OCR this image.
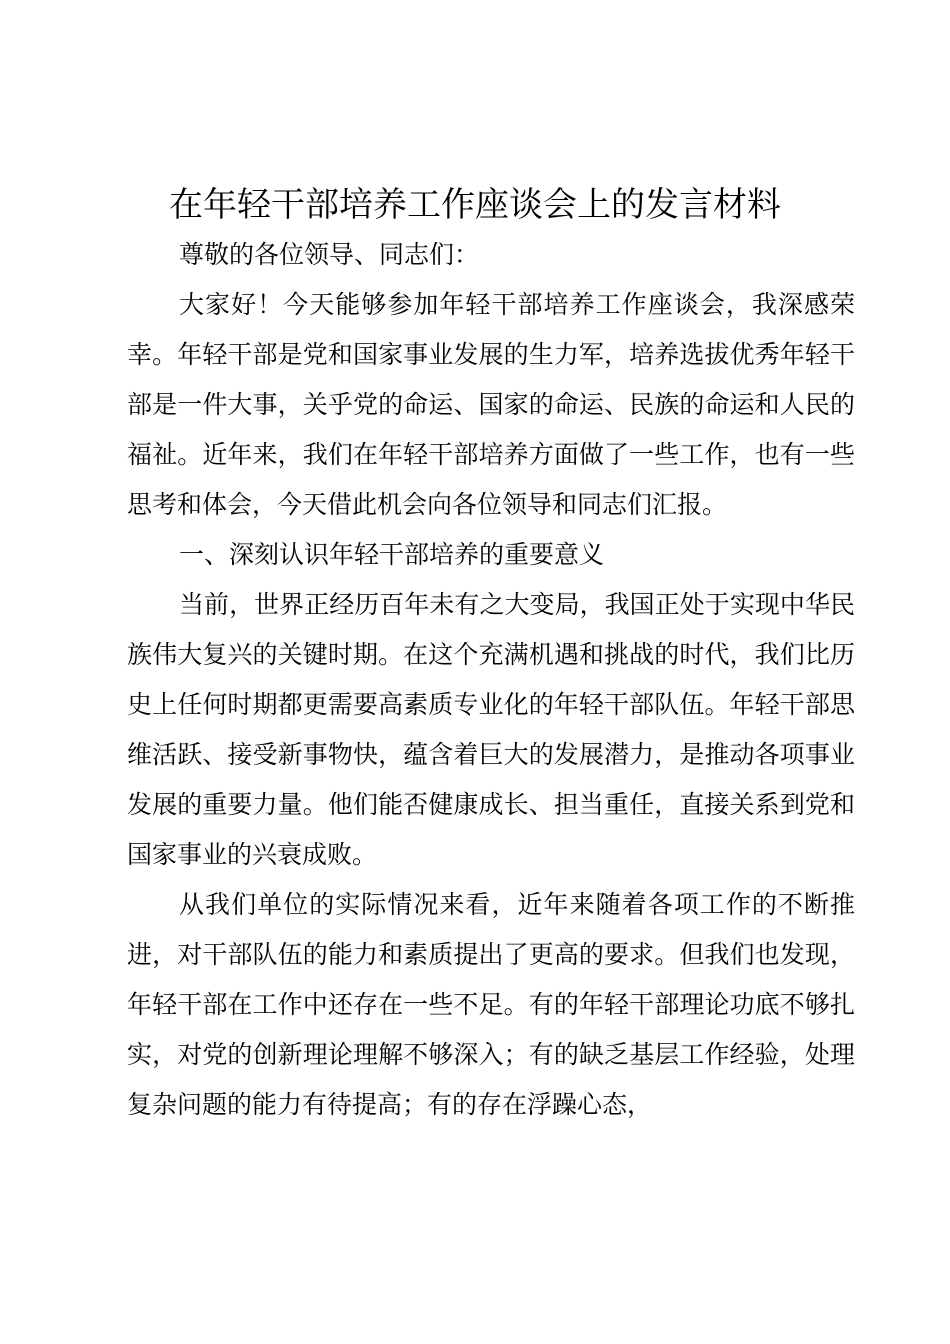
在年轻干部培养工作座谈会上的发言材料

尊敬的各位领导、同志们：

大家好！今天能够参加年轻干部培养工作座谈会，我深感荣幸。年轻干部是党和国家事业发展的生力军，培养选拔优秀年轻干部是一件大事，关乎党的命运、国家的命运、民族的命运和人民的福祉。近年来，我们在年轻干部培养方面做了一些工作，也有一些思考和体会，今天借此机会向各位领导和同志们汇报。

一、深刻认识年轻干部培养的重要意义

当前，世界正经历百年未有之大变局，我国正处于实现中华民族伟大复兴的关键时期。在这个充满机遇和挑战的时代，我们比历史上任何时期都更需要高素质专业化的年轻干部队伍。年轻干部思维活跃、接受新事物快，蕴含着巨大的发展潜力，是推动各项事业发展的重要力量。他们能否健康成长、担当重任，直接关系到党和国家事业的兴衰成败。

从我们单位的实际情况来看，近年来随着各项工作的不断推进，对干部队伍的能力和素质提出了更高的要求。但我们也发现，年轻干部在工作中还存在一些不足。有的年轻干部理论功底不够扎实，对党的创新理论理解不够深入；有的缺乏基层工作经验，处理复杂问题的能力有待提高；有的存在浮躁心态，
